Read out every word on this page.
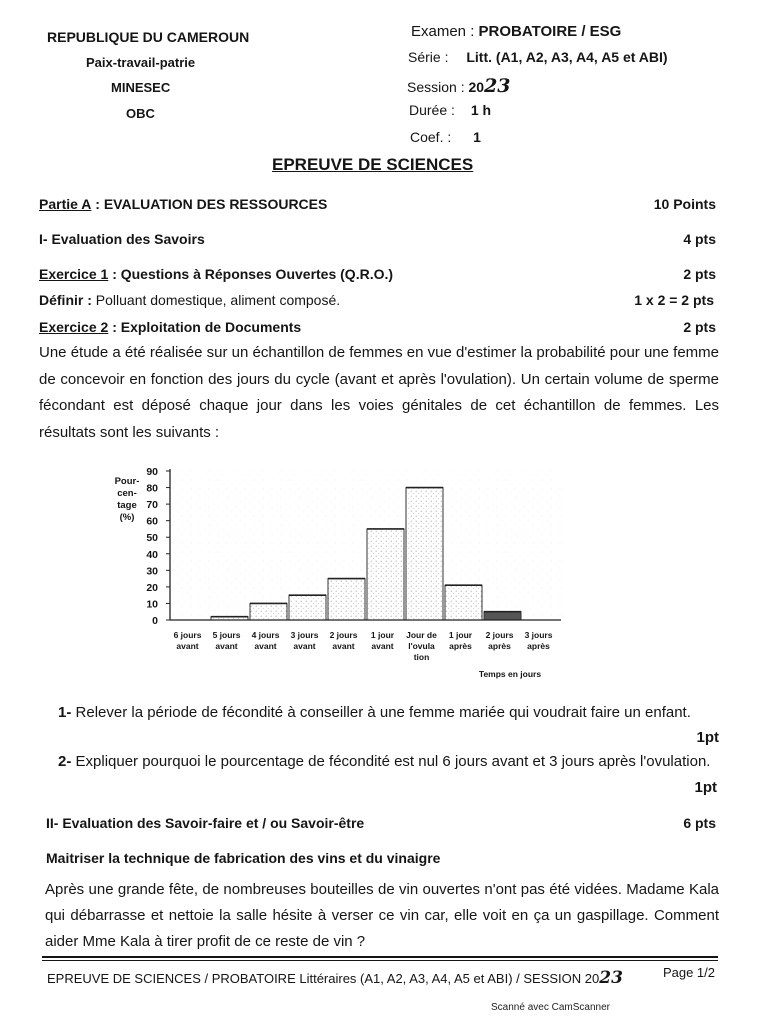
REPUBLIQUE DU CAMEROUN
Paix-travail-patrie
MINESEC
OBC
Examen : PROBATOIRE / ESG
Série : Litt. (A1, A2, A3, A4, A5 et ABI)
Session : 2023
Durée : 1 h
Coef. : 1
EPREUVE DE SCIENCES
Partie A : EVALUATION DES RESSOURCES	10 Points
I- Evaluation des Savoirs	4 pts
Exercice 1 : Questions à Réponses Ouvertes (Q.R.O.)	2 pts
Définir : Polluant domestique, aliment composé.	1 x 2 = 2 pts
Exercice 2 : Exploitation de Documents	2 pts
Une étude a été réalisée sur un échantillon de femmes en vue d'estimer la probabilité pour une femme de concevoir en fonction des jours du cycle (avant et après l'ovulation). Un certain volume de sperme fécondant est déposé chaque jour dans les voies génitales de cet échantillon de femmes. Les résultats sont les suivants :
0
10
20
30
40
50
60
70
80
90
6 jours
avant
5 jours
avant
4 jours
avant
3 jours
avant
2 jours
avant
1 jour
avant
Jour de
l'ovula
tion
1 jour
après
2 jours
après
3 jours
après
Pour-
cen-
tage
(%)
Temps en jours
1- Relever la période de fécondité à conseiller à une femme mariée qui voudrait faire un enfant.
1pt
2- Expliquer pourquoi le pourcentage de fécondité est nul 6 jours avant et 3 jours après l'ovulation.
1pt
II- Evaluation des Savoir-faire et / ou Savoir-être	6 pts
Maitriser la technique de fabrication des vins et du vinaigre
Après une grande fête, de nombreuses bouteilles de vin ouvertes n'ont pas été vidées. Madame Kala qui débarrasse et nettoie la salle hésite à verser ce vin car, elle voit en ça un gaspillage. Comment aider Mme Kala à tirer profit de ce reste de vin ?
EPREUVE DE SCIENCES / PROBATOIRE Littéraires (A1, A2, A3, A4, A5 et ABI) / SESSION 2023	Page 1/2
Scanné avec CamScanner
